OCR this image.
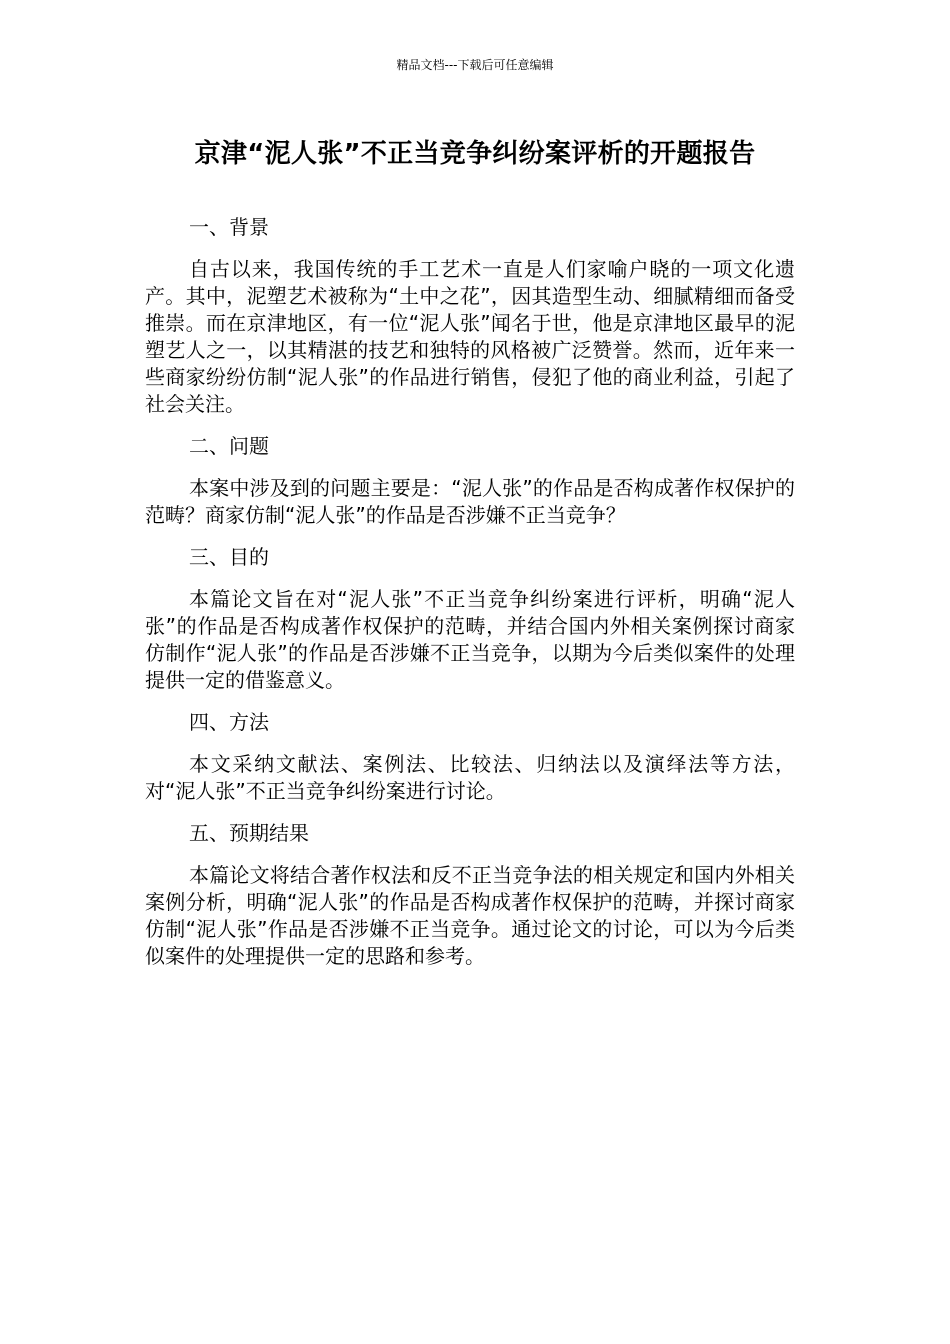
精品文档---下载后可任意编辑
京津“泥人张”不正当竞争纠纷案评析的开题报告

一、背景

自古以来，我国传统的手工艺术一直是人们家喻户晓的一项文化遗产。其中，泥塑艺术被称为“土中之花”，因其造型生动、细腻精细而备受推崇。而在京津地区，有一位“泥人张”闻名于世，他是京津地区最早的泥塑艺人之一，以其精湛的技艺和独特的风格被广泛赞誉。然而，近年来一些商家纷纷仿制“泥人张”的作品进行销售，侵犯了他的商业利益，引起了社会关注。

二、问题

本案中涉及到的问题主要是：“泥人张”的作品是否构成著作权保护的范畴？商家仿制“泥人张”的作品是否涉嫌不正当竞争？

三、目的

本篇论文旨在对“泥人张”不正当竞争纠纷案进行评析，明确“泥人张”的作品是否构成著作权保护的范畴，并结合国内外相关案例探讨商家仿制作“泥人张”的作品是否涉嫌不正当竞争，以期为今后类似案件的处理提供一定的借鉴意义。

四、方法

本文采纳文献法、案例法、比较法、归纳法以及演绎法等方法，对“泥人张”不正当竞争纠纷案进行讨论。

五、预期结果

本篇论文将结合著作权法和反不正当竞争法的相关规定和国内外相关案例分析，明确“泥人张”的作品是否构成著作权保护的范畴，并探讨商家仿制“泥人张”作品是否涉嫌不正当竞争。通过论文的讨论，可以为今后类似案件的处理提供一定的思路和参考。
